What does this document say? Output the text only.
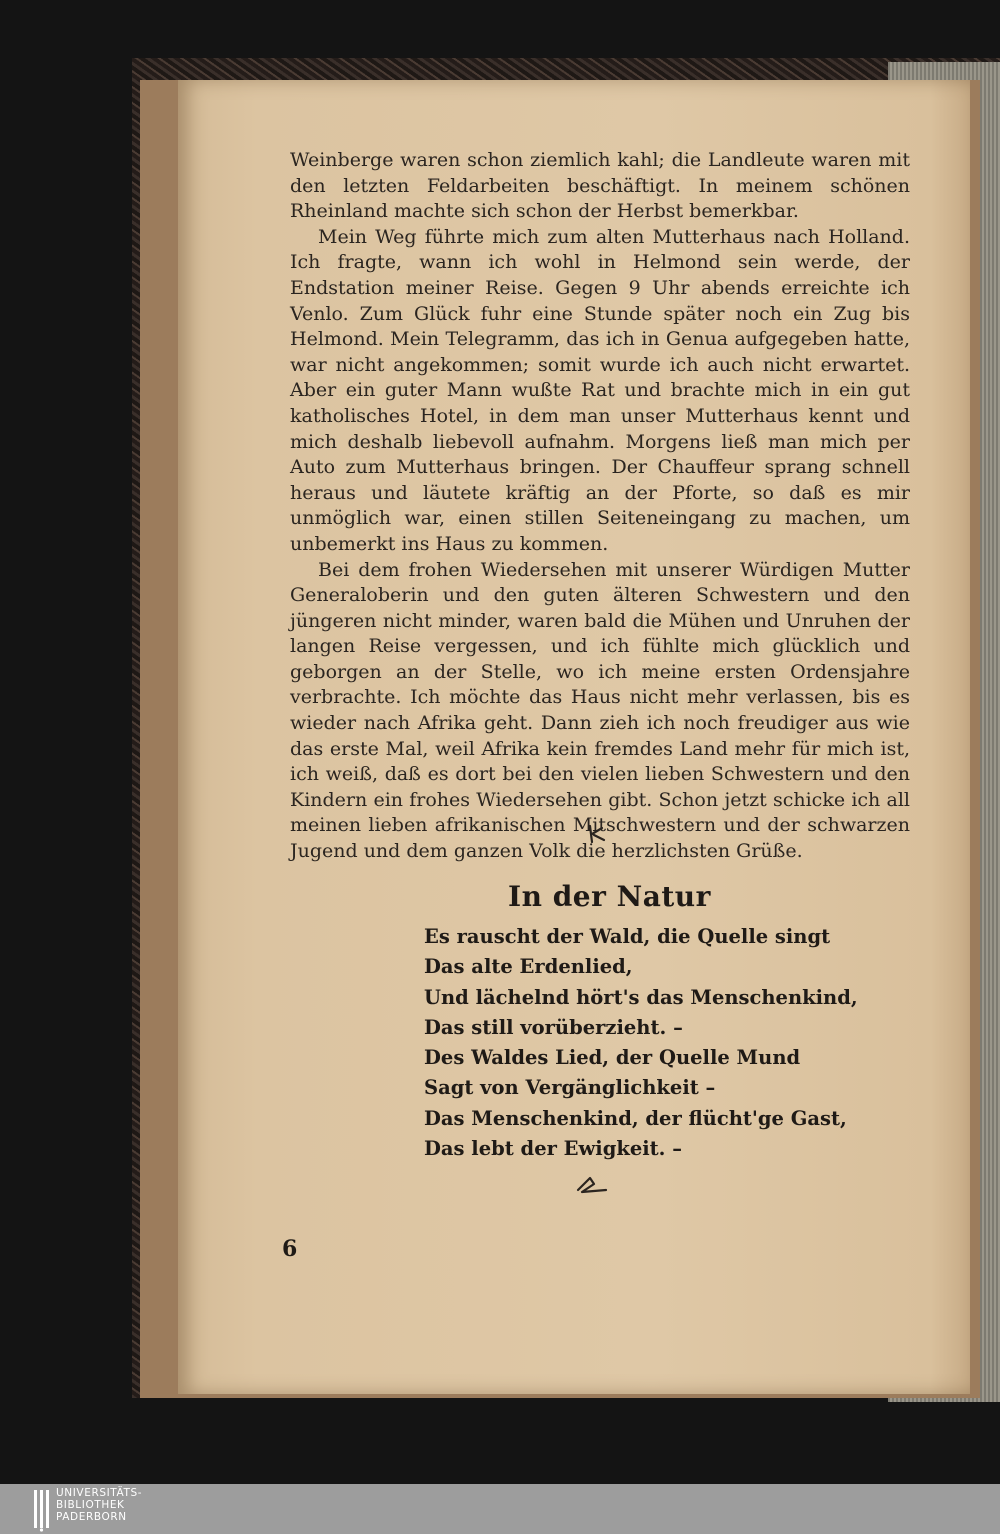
Weinberge waren schon ziemlich kahl; die Landleute waren mit den letzten Feldarbeiten beschäftigt. In meinem schönen Rheinland machte sich schon der Herbst bemerkbar.

Mein Weg führte mich zum alten Mutterhaus nach Holland. Ich fragte, wann ich wohl in Helmond sein werde, der Endstation meiner Reise. Gegen 9 Uhr abends erreichte ich Venlo. Zum Glück fuhr eine Stunde später noch ein Zug bis Helmond. Mein Telegramm, das ich in Genua aufgegeben hatte, war nicht angekommen; somit wurde ich auch nicht erwartet. Aber ein guter Mann wußte Rat und brachte mich in ein gut katholisches Hotel, in dem man unser Mutterhaus kennt und mich deshalb liebevoll aufnahm. Morgens ließ man mich per Auto zum Mutterhaus bringen. Der Chauffeur sprang schnell heraus und läutete kräftig an der Pforte, so daß es mir unmöglich war, einen stillen Seiteneingang zu machen, um unbemerkt ins Haus zu kommen.

Bei dem frohen Wiedersehen mit unserer Würdigen Mutter Generaloberin und den guten älteren Schwestern und den jüngeren nicht minder, waren bald die Mühen und Unruhen der langen Reise vergessen, und ich fühlte mich glücklich und geborgen an der Stelle, wo ich meine ersten Ordensjahre verbrachte. Ich möchte das Haus nicht mehr verlassen, bis es wieder nach Afrika geht. Dann zieh ich noch freudiger aus wie das erste Mal, weil Afrika kein fremdes Land mehr für mich ist, ich weiß, daß es dort bei den vielen lieben Schwestern und den Kindern ein frohes Wiedersehen gibt. Schon jetzt schicke ich all meinen lieben afrikanischen Mitschwestern und der schwarzen Jugend und dem ganzen Volk die herzlichsten Grüße.

In der Natur
Es rauscht der Wald, die Quelle singt
Das alte Erdenlied,
Und lächelnd hört's das Menschenkind,
Das still vorüberzieht. –
Des Waldes Lied, der Quelle Mund
Sagt von Vergänglichkeit –
Das Menschenkind, der flücht'ge Gast,
Das lebt der Ewigkeit. –
6
UNIVERSITÄTS-
BIBLIOTHEK
PADERBORN
